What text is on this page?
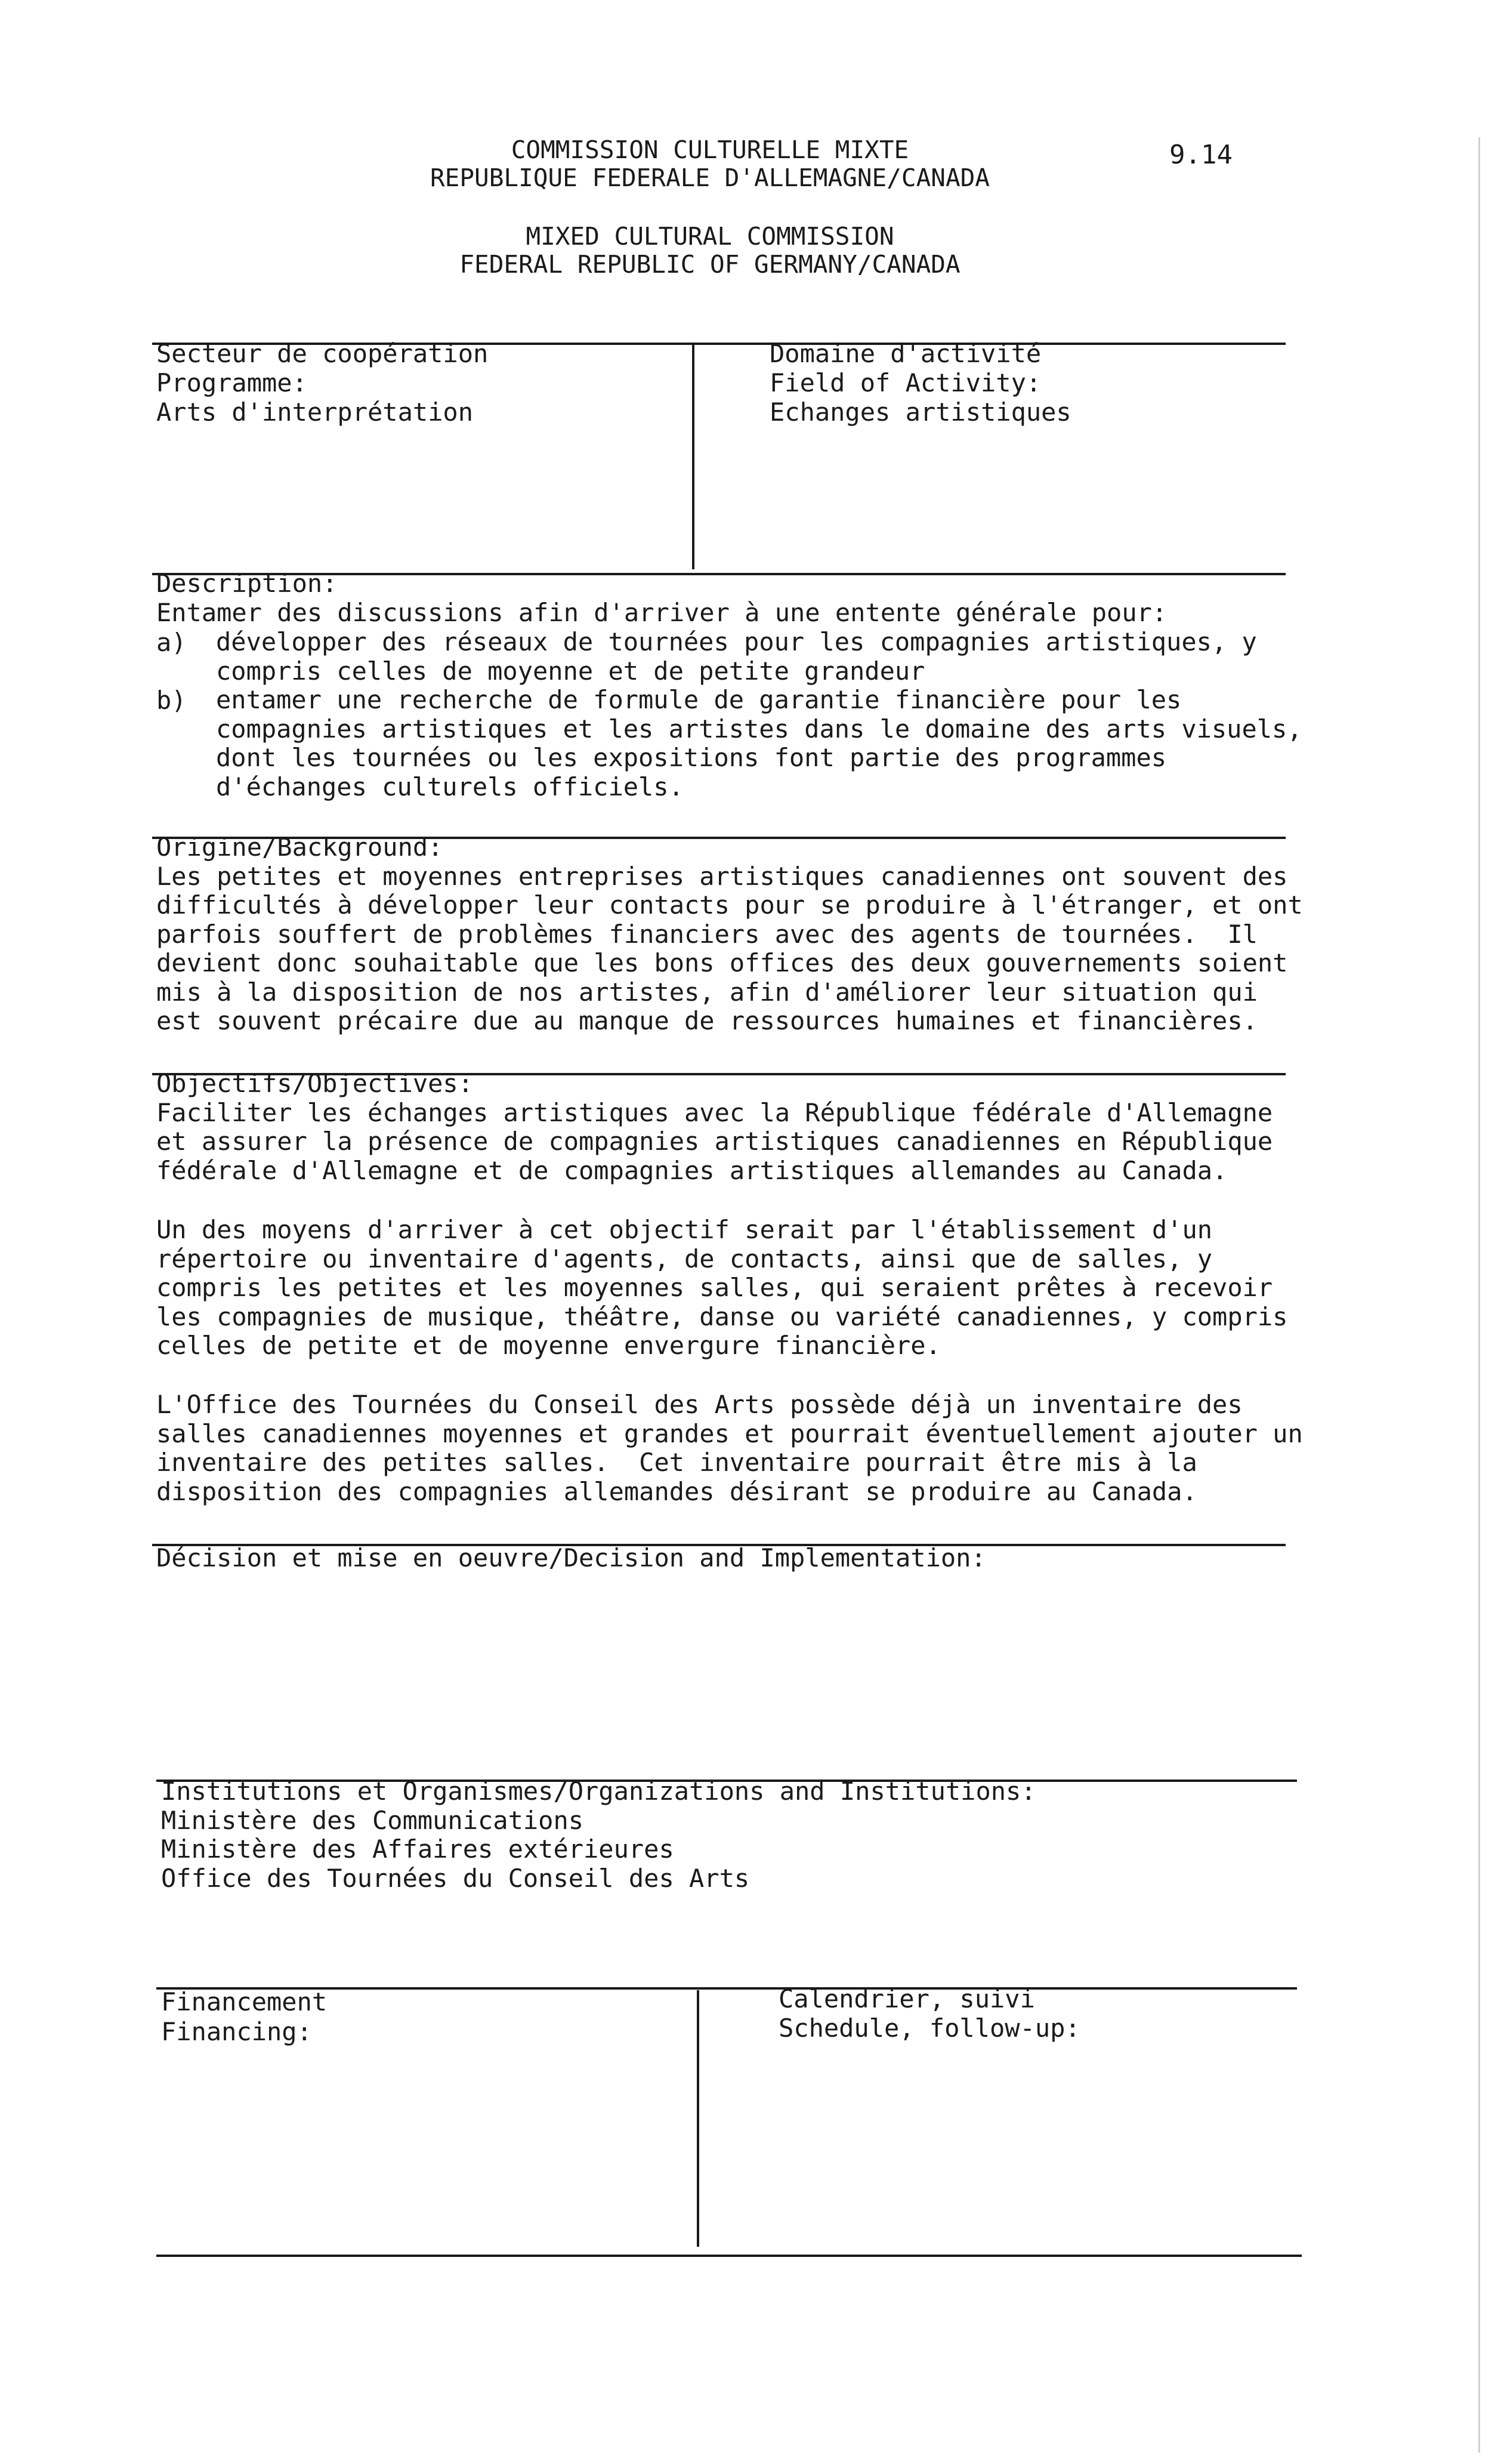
COMMISSION CULTURELLE MIXTE

REPUBLIQUE FEDERALE D'ALLEMAGNE/CANADA

MIXED CULTURAL COMMISSION

FEDERAL REPUBLIC OF GERMANY/CANADA

9.14

Secteur de coopération

Programme:

Arts d'interprétation

Domaine d'activité

Field of Activity:

Echanges artistiques

Description:
Entamer des discussions afin d'arriver à une entente générale pour:

a) développer des réseaux de tournées pour les compagnies artistiques, y
compris celles de moyenne et de petite grandeur

b) entamer une recherche de formule de garantie financière pour les
compagnies artistiques et les artistes dans le domaine des arts visuels,
dont les tournées ou les expositions font partie des programmes
d'échanges culturels officiels.
Origine/Background:
Les petites et moyennes entreprises artistiques canadiennes ont souvent des
difficultés à développer leur contacts pour se produire à l'étranger, et ont
parfois souffert de problèmes financiers avec des agents de tournées.  Il
devient donc souhaitable que les bons offices des deux gouvernements soient
mis à la disposition de nos artistes, afin d'améliorer leur situation qui
est souvent précaire due au manque de ressources humaines et financières.
Objectifs/Objectives:
Faciliter les échanges artistiques avec la République fédérale d'Allemagne
et assurer la présence de compagnies artistiques canadiennes en République
fédérale d'Allemagne et de compagnies artistiques allemandes au Canada.
Un des moyens d'arriver à cet objectif serait par l'établissement d'un
répertoire ou inventaire d'agents, de contacts, ainsi que de salles, y
compris les petites et les moyennes salles, qui seraient prêtes à recevoir
les compagnies de musique, théâtre, danse ou variété canadiennes, y compris
celles de petite et de moyenne envergure financière.
L'Office des Tournées du Conseil des Arts possède déjà un inventaire des
salles canadiennes moyennes et grandes et pourrait éventuellement ajouter un
inventaire des petites salles.  Cet inventaire pourrait être mis à la
disposition des compagnies allemandes désirant se produire au Canada.

Décision et mise en oeuvre/Decision and Implementation:

Institutions et Organismes/Organizations and Institutions:
Ministère des Communications
Ministère des Affaires extérieures
Office des Tournées du Conseil des Arts

Financement

Financing:

Calendrier, suivi

Schedule, follow-up:
